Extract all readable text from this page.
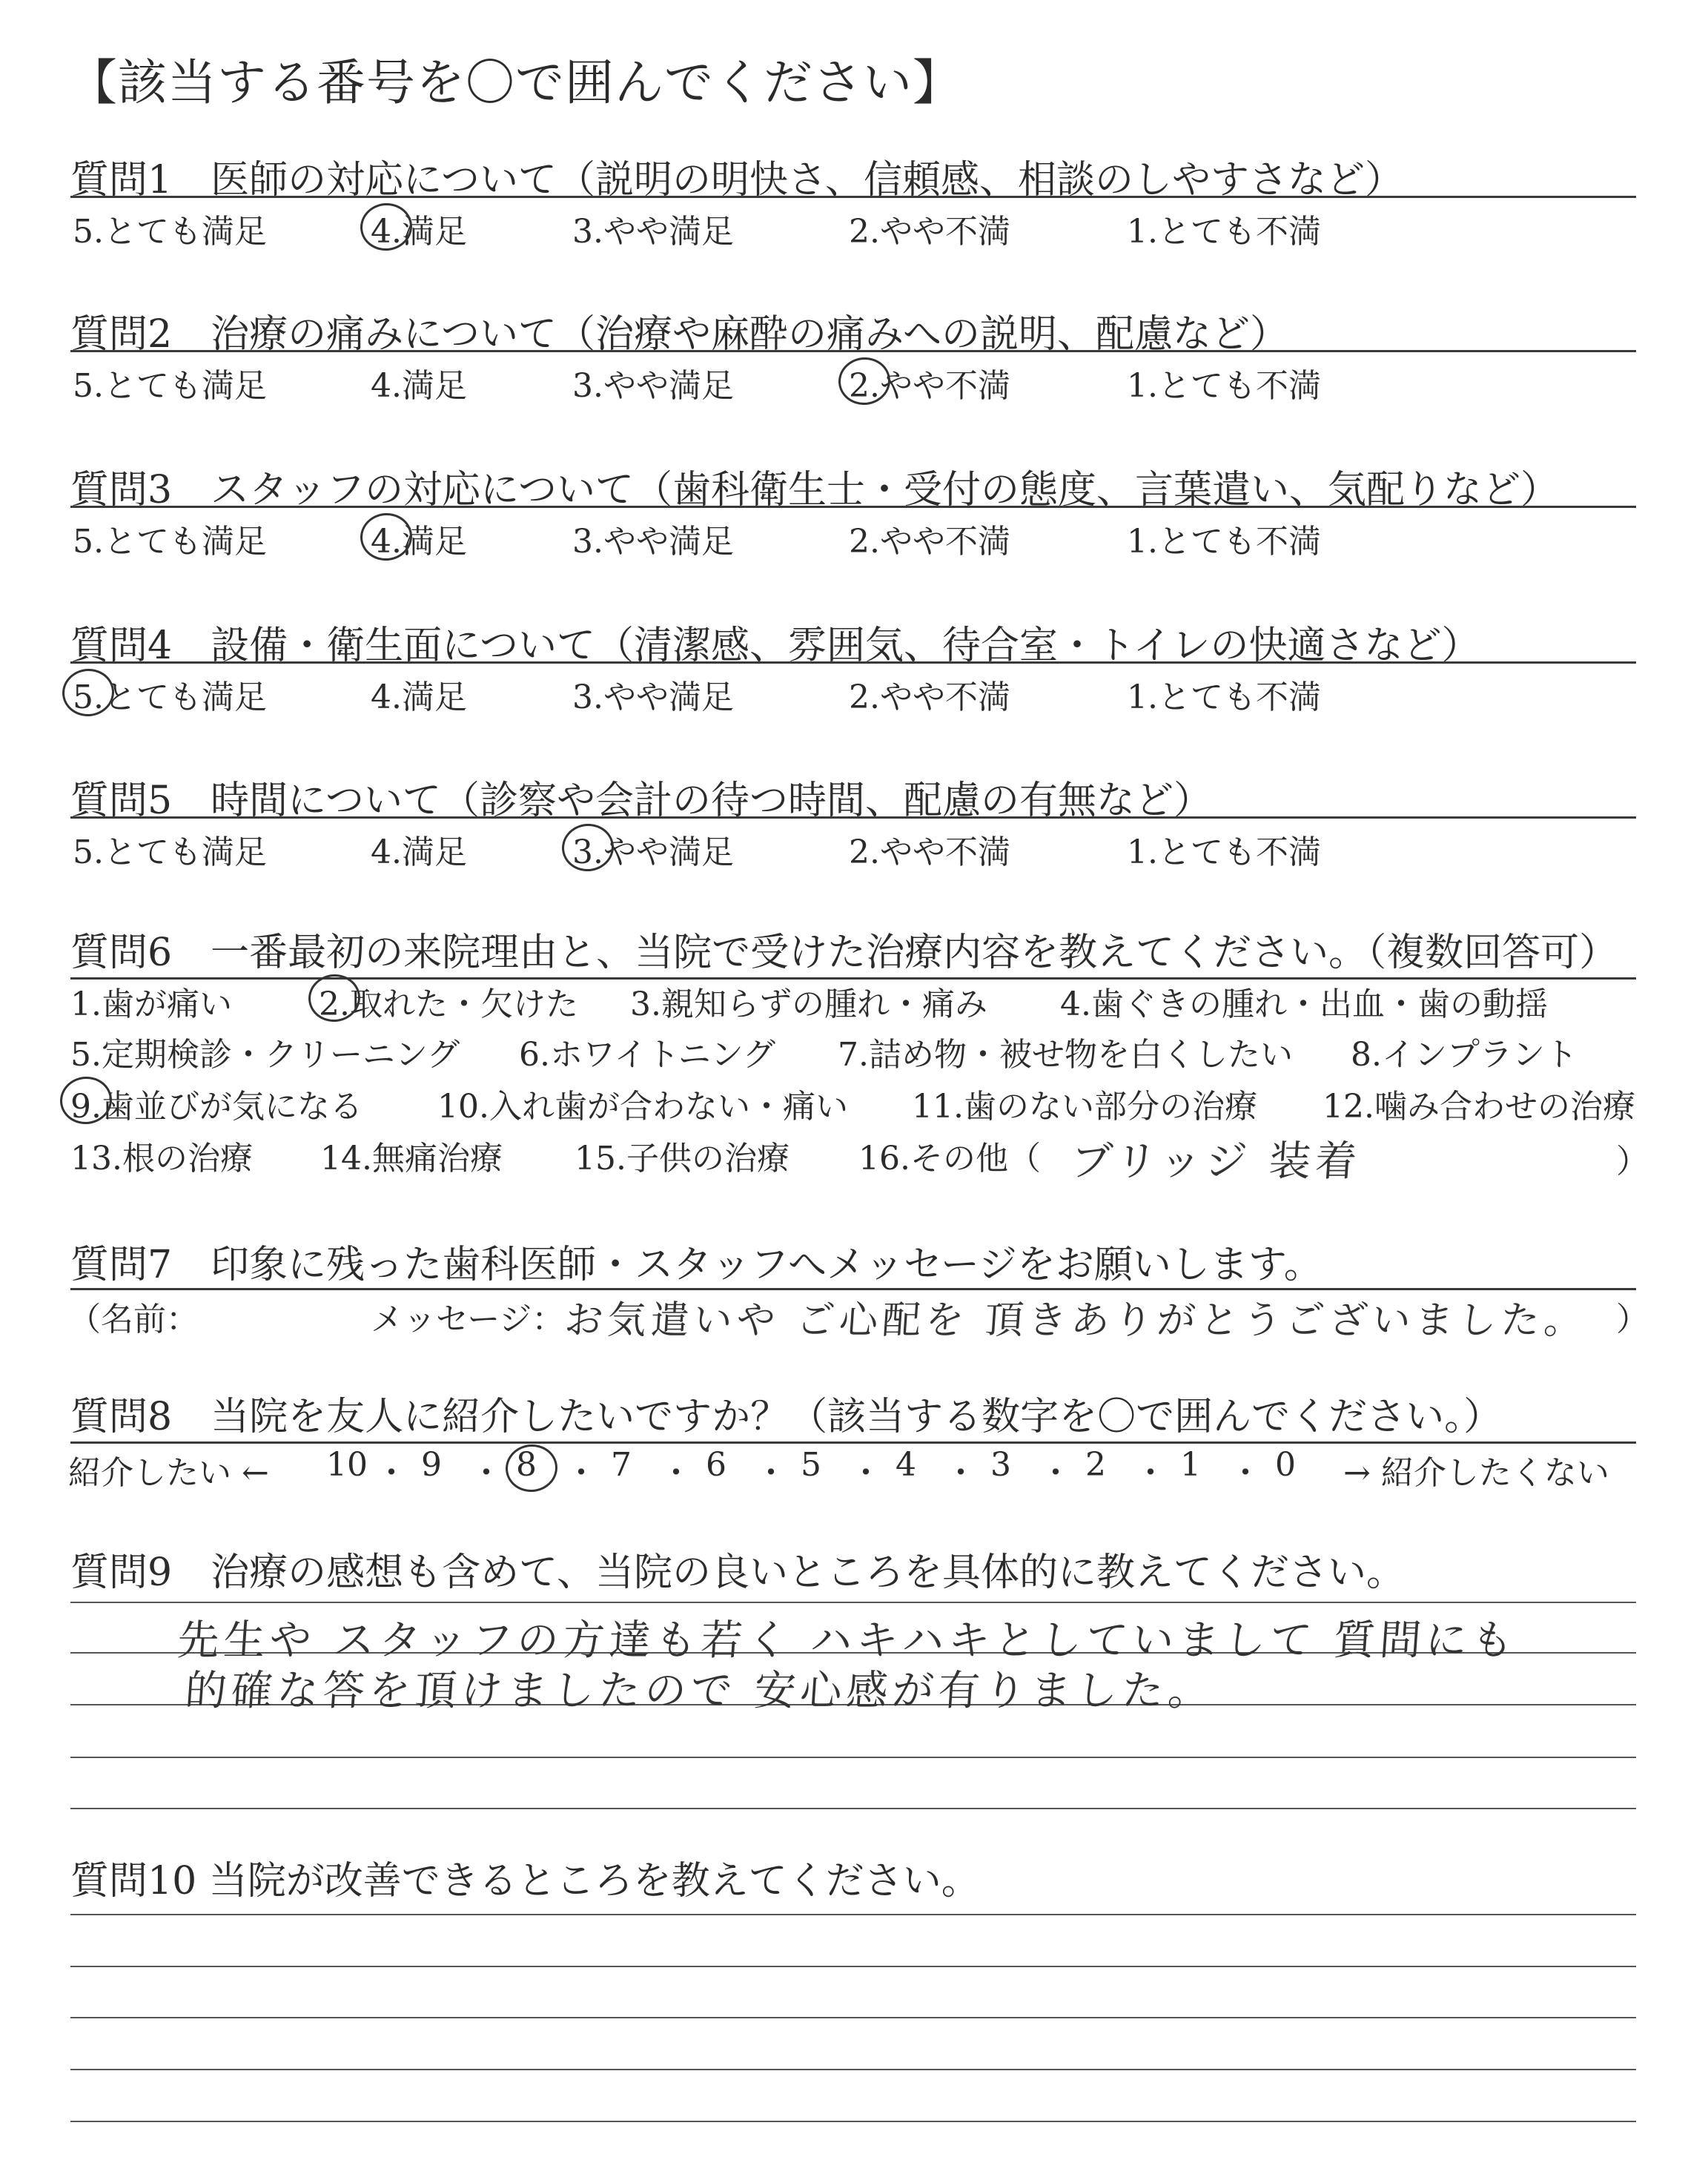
【該当する番号を〇で囲んでください】
質問1　医師の対応について（説明の明快さ、信頼感、相談のしやすさなど）
5.とても満足	4.満足	3.やや満足	2.やや不満	1.とても不満
質問2　治療の痛みについて（治療や麻酔の痛みへの説明、配慮など）
5.とても満足	4.満足	3.やや満足	2.やや不満	1.とても不満
質問3　スタッフの対応について（歯科衛生士・受付の態度、言葉遣い、気配りなど）
5.とても満足	4.満足	3.やや満足	2.やや不満	1.とても不満
質問4　設備・衛生面について（清潔感、雰囲気、待合室・トイレの快適さなど）
5.とても満足	4.満足	3.やや満足	2.やや不満	1.とても不満
質問5　時間について（診察や会計の待つ時間、配慮の有無など）
5.とても満足	4.満足	3.やや満足	2.やや不満	1.とても不満
質問6　一番最初の来院理由と、当院で受けた治療内容を教えてください。（複数回答可）
1.歯が痛い	2.取れた・欠けた 3.親知らずの腫れ・痛み 4.歯ぐきの腫れ・出血・歯の動揺
5.定期検診・クリーニング 6.ホワイトニング 7.詰め物・被せ物を白くしたい 8.インプラント
9.歯並びが気になる 10.入れ歯が合わない・痛い 11.歯のない部分の治療 12.噛み合わせの治療
13.根の治療 14.無痛治療 15.子供の治療 16.その他（ ブリッジ 装着	）
質問7　印象に残った歯科医師・スタッフへメッセージをお願いします。
（名前：	メッセージ：
お気遣いや ご心配を 頂きありがとうございました。 ）
質問8　当院を友人に紹介したいですか？（該当する数字を〇で囲んでください。）
紹介したい ← 10 ・ 9 ・ 8 ・ 7 ・ 6 ・ 5 ・ 4 ・ 3 ・ 2 ・ 1 ・ 0 → 紹介したくない
質問9　治療の感想も含めて、当院の良いところを具体的に教えてください。
先生や スタッフの方達も若く ハキハキとしていまして 質問にも
的確な答を頂けましたので 安心感が有りました。
質問10 当院が改善できるところを教えてください。
